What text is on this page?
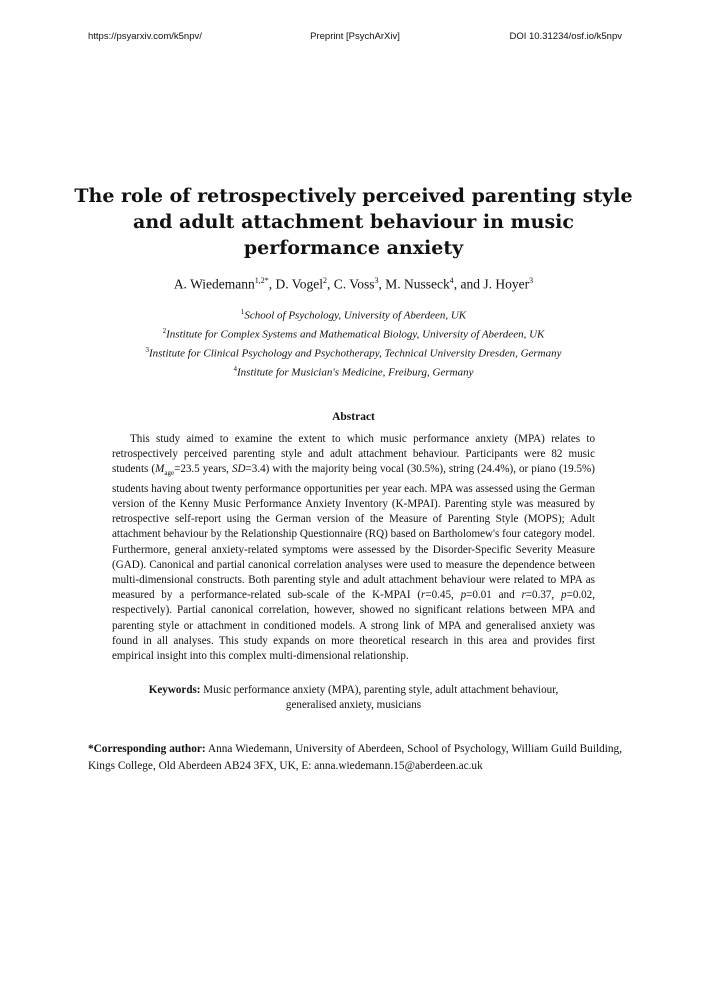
https://psyarxiv.com/k5npv/	Preprint [PsychArXiv]	DOI 10.31234/osf.io/k5npv
The role of retrospectively perceived parenting style
and adult attachment behaviour in music
performance anxiety
A. Wiedemann$^{1,2*}$, D. Vogel$^2$, C. Voss$^3$, M. Nusseck$^4$, and J. Hoyer$^3$
$^1$School of Psychology, University of Aberdeen, UK
$^2$Institute for Complex Systems and Mathematical Biology, University of Aberdeen, UK
$^3$Institute for Clinical Psychology and Psychotherapy, Technical University Dresden, Germany
$^4$Institute for Musician's Medicine, Freiburg, Germany
Abstract

This study aimed to examine the extent to which music performance anxiety (MPA) relates to retrospectively perceived parenting style and adult attachment behaviour. Participants were 82 music students ($M_{age}=23.5$ years, SD=3.4) with the majority being vocal (30.5%), string (24.4%), or piano (19.5%) students having about twenty performance opportunities per year each. MPA was assessed using the German version of the Kenny Music Performance Anxiety Inventory (K-MPAI). Parenting style was measured by retrospective self-report using the German version of the Measure of Parenting Style (MOPS); Adult attachment behaviour by the Relationship Questionnaire (RQ) based on Bartholomew's four category model. Furthermore, general anxiety-related symptoms were assessed by the Disorder-Specific Severity Measure (GAD). Canonical and partial canonical correlation analyses were used to measure the dependence between multi-dimensional constructs. Both parenting style and adult attachment behaviour were related to MPA as measured by a performance-related sub-scale of the K-MPAI (r=0.45, p=0.01 and r=0.37, p=0.02, respectively). Partial canonical correlation, however, showed no significant relations between MPA and parenting style or attachment in conditioned models. A strong link of MPA and generalised anxiety was found in all analyses. This study expands on more theoretical research in this area and provides first empirical insight into this complex multi-dimensional relationship.

Keywords: Music performance anxiety (MPA), parenting style, adult attachment behaviour, generalised anxiety, musicians
*Corresponding author: Anna Wiedemann, University of Aberdeen, School of Psychology, William Guild Building, Kings College, Old Aberdeen AB24 3FX, UK, E: anna.wiedemann.15@aberdeen.ac.uk
